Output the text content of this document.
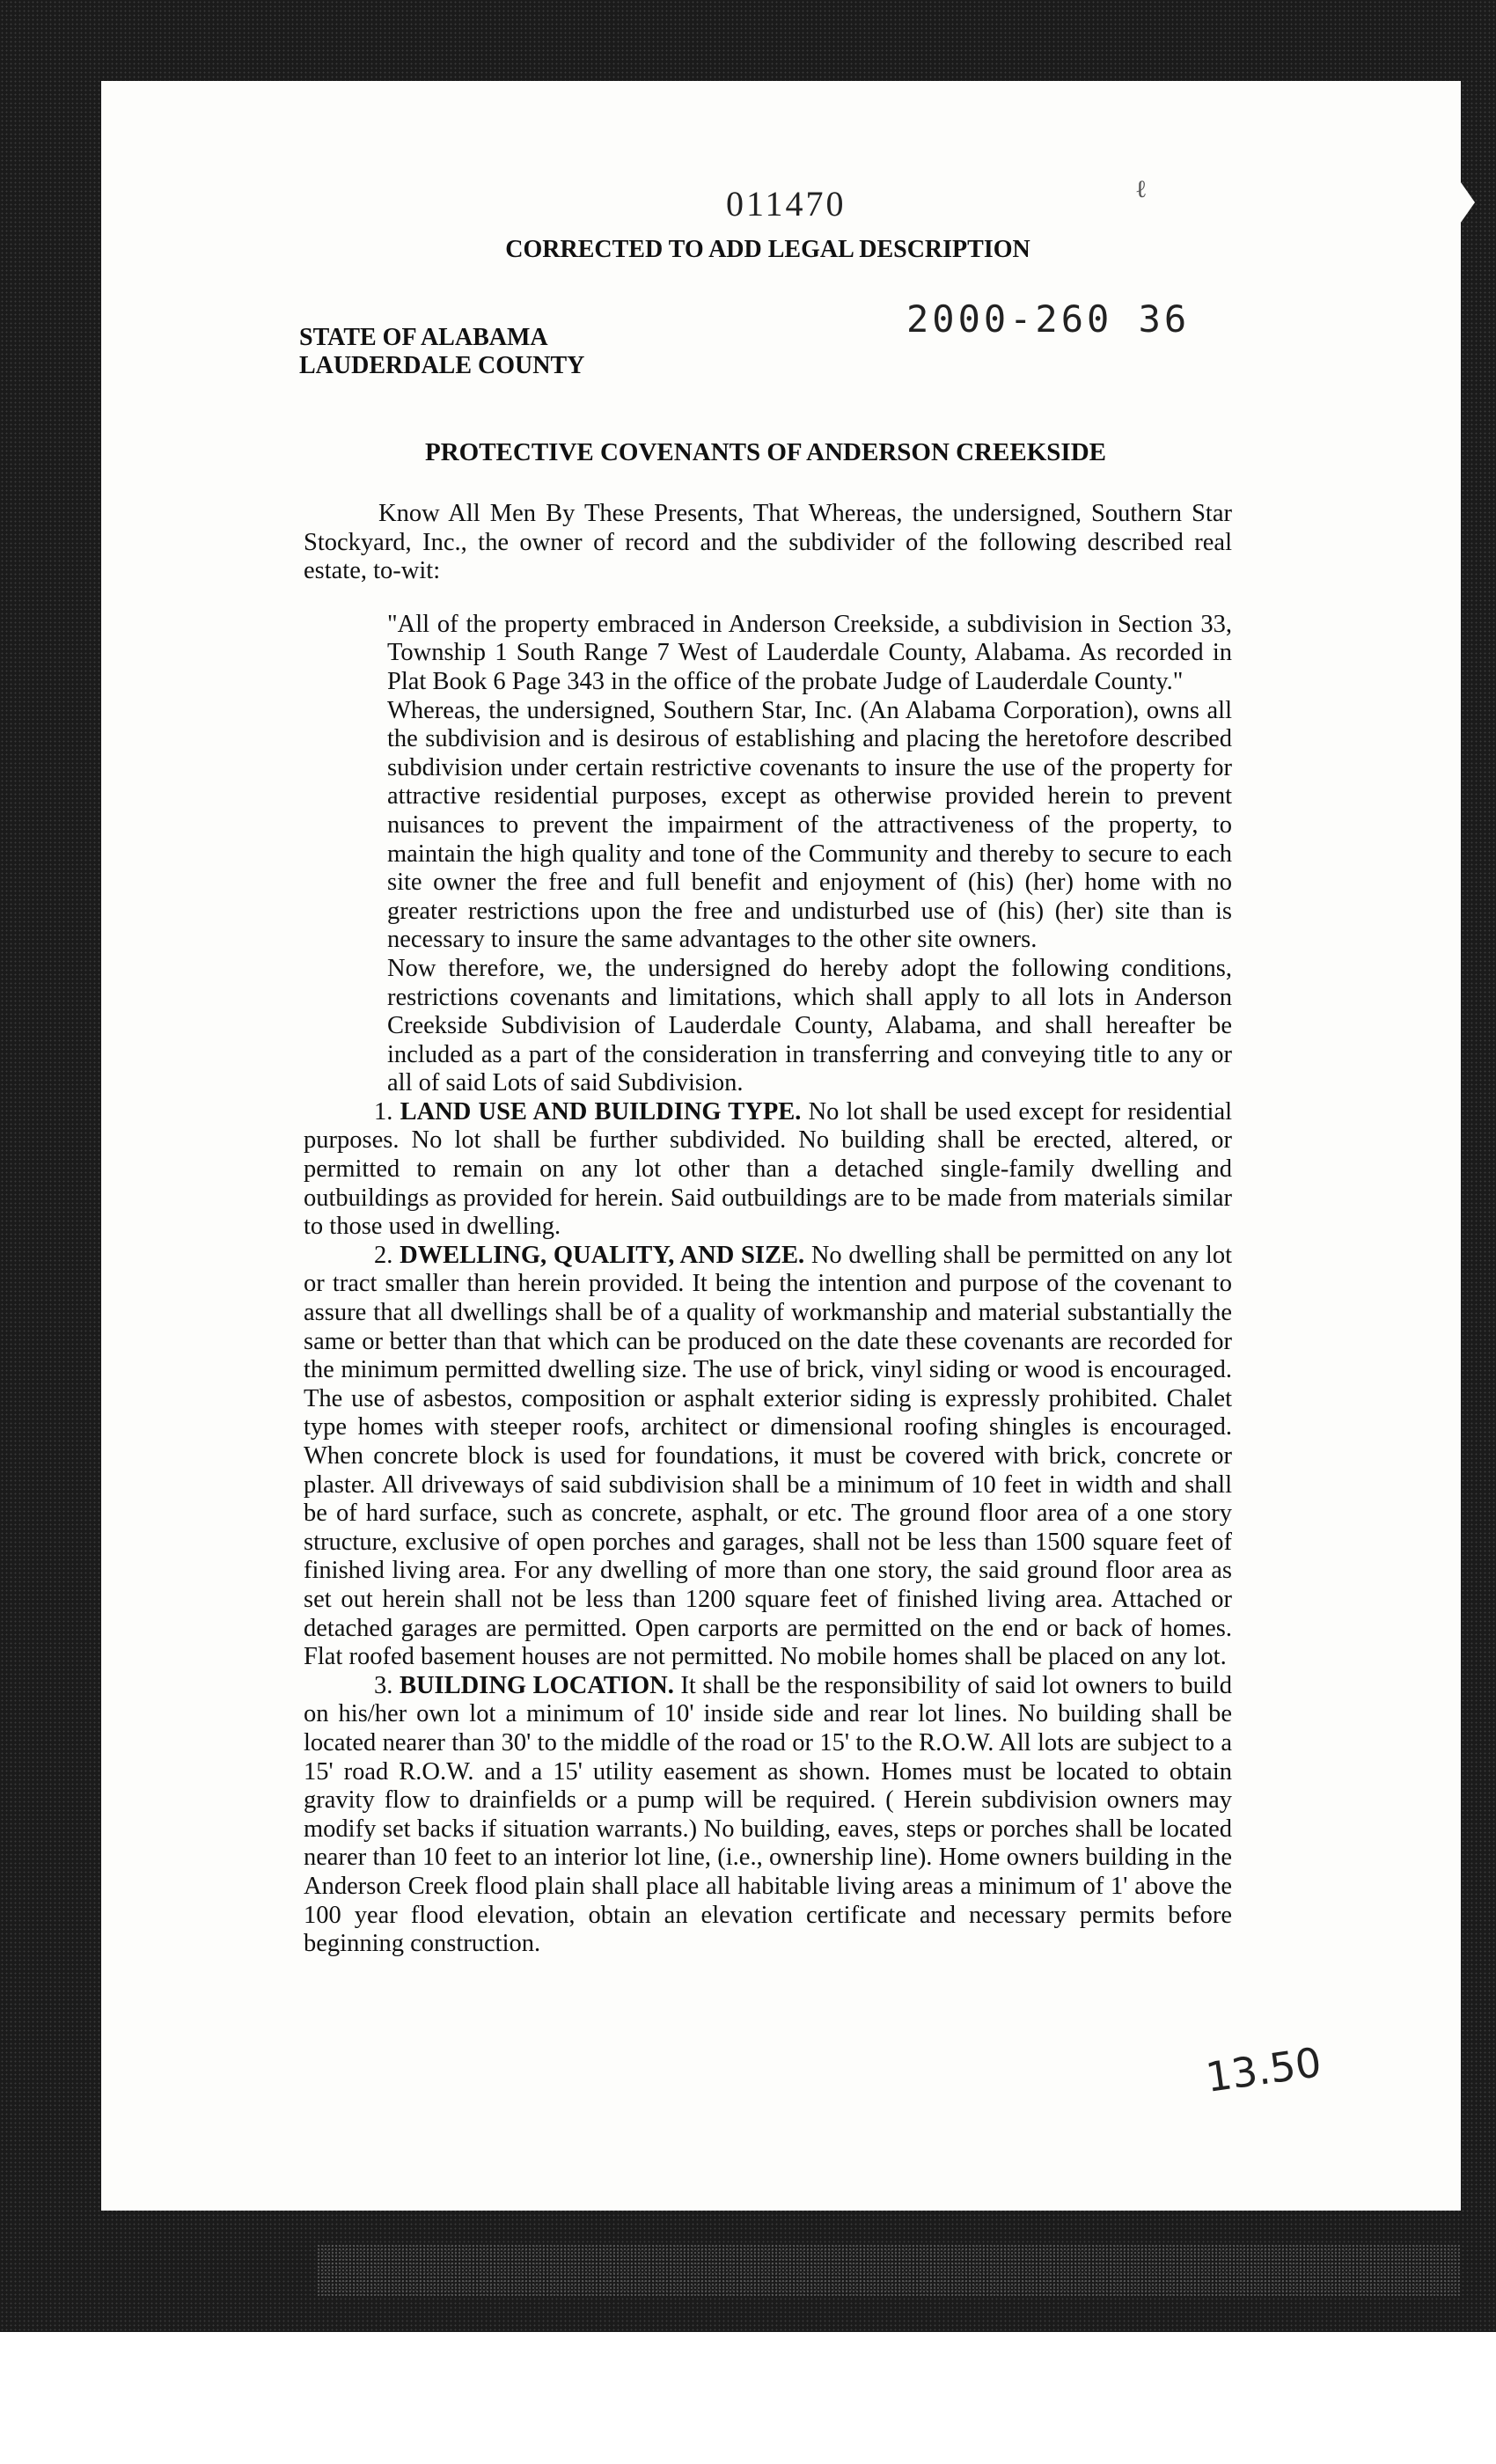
011470	ℓ
CORRECTED TO ADD LEGAL DESCRIPTION
2000-260 36
STATE OF ALABAMA
LAUDERDALE COUNTY
PROTECTIVE COVENANTS OF ANDERSON CREEKSIDE

Know All Men By These Presents, That Whereas, the undersigned, Southern Star Stockyard, Inc., the owner of record and the subdivider of the following described real estate, to-wit:

"All of the property embraced in Anderson Creekside, a subdivision in Section 33, Township 1 South Range 7 West of Lauderdale County, Alabama. As recorded in Plat Book 6 Page 343 in the office of the probate Judge of Lauderdale County."

Whereas, the undersigned, Southern Star, Inc. (An Alabama Corporation), owns all the subdivision and is desirous of establishing and placing the heretofore described subdivision under certain restrictive covenants to insure the use of the property for attractive residential purposes, except as otherwise provided herein to prevent nuisances to prevent the impairment of the attractiveness of the property, to maintain the high quality and tone of the Community and thereby to secure to each site owner the free and full benefit and enjoyment of (his) (her) home with no greater restrictions upon the free and undisturbed use of (his) (her) site than is necessary to insure the same advantages to the other site owners.

Now therefore, we, the undersigned do hereby adopt the following conditions, restrictions covenants and limitations, which shall apply to all lots in Anderson Creekside Subdivision of Lauderdale County, Alabama, and shall hereafter be included as a part of the consideration in transferring and conveying title to any or all of said Lots of said Subdivision.

1. LAND USE AND BUILDING TYPE. No lot shall be used except for residential purposes. No lot shall be further subdivided. No building shall be erected, altered, or permitted to remain on any lot other than a detached single-family dwelling and outbuildings as provided for herein. Said outbuildings are to be made from materials similar to those used in dwelling.

2. DWELLING, QUALITY, AND SIZE. No dwelling shall be permitted on any lot or tract smaller than herein provided. It being the intention and purpose of the covenant to assure that all dwellings shall be of a quality of workmanship and material substantially the same or better than that which can be produced on the date these covenants are recorded for the minimum permitted dwelling size. The use of brick, vinyl siding or wood is encouraged. The use of asbestos, composition or asphalt exterior siding is expressly prohibited. Chalet type homes with steeper roofs, architect or dimensional roofing shingles is encouraged. When concrete block is used for foundations, it must be covered with brick, concrete or plaster. All driveways of said subdivision shall be a minimum of 10 feet in width and shall be of hard surface, such as concrete, asphalt, or etc. The ground floor area of a one story structure, exclusive of open porches and garages, shall not be less than 1500 square feet of finished living area. For any dwelling of more than one story, the said ground floor area as set out herein shall not be less than 1200 square feet of finished living area. Attached or detached garages are permitted. Open carports are permitted on the end or back of homes. Flat roofed basement houses are not permitted. No mobile homes shall be placed on any lot.

3. BUILDING LOCATION. It shall be the responsibility of said lot owners to build on his/her own lot a minimum of 10' inside side and rear lot lines. No building shall be located nearer than 30' to the middle of the road or 15' to the R.O.W. All lots are subject to a 15' road R.O.W. and a 15' utility easement as shown. Homes must be located to obtain gravity flow to drainfields or a pump will be required. ( Herein subdivision owners may modify set backs if situation warrants.) No building, eaves, steps or porches shall be located nearer than 10 feet to an interior lot line, (i.e., ownership line). Home owners building in the Anderson Creek flood plain shall place all habitable living areas a minimum of 1' above the 100 year flood elevation, obtain an elevation certificate and necessary permits before beginning construction.

13.50
